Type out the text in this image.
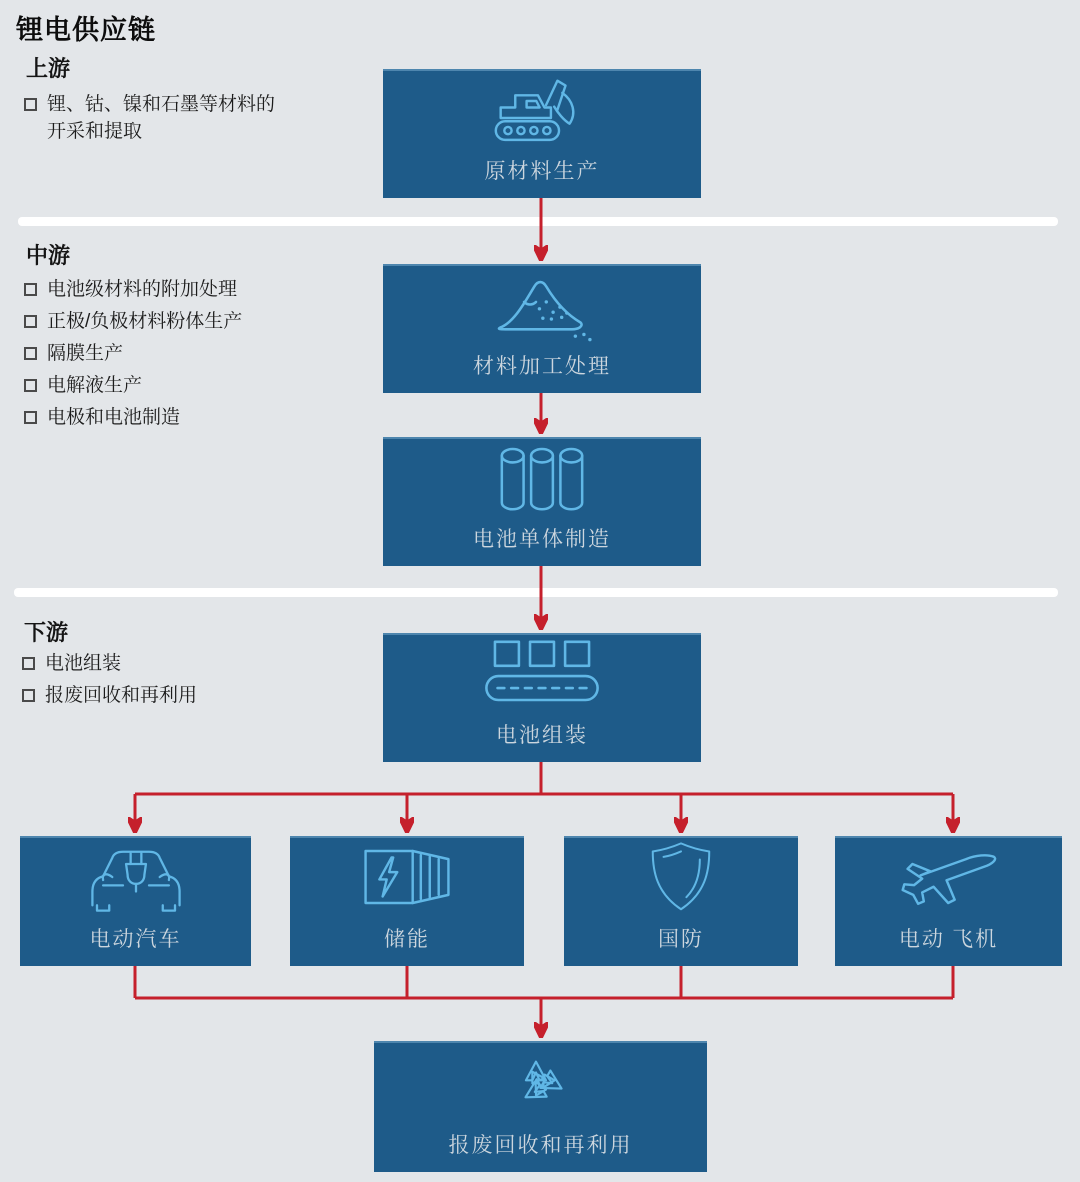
锂电供应链
上游
锂、钴、镍和石墨等材料的开采和提取
中游
电池级材料的附加处理
正极/负极材料粉体生产
隔膜生产
电解液生产
电极和电池制造
下游
电池组装
报废回收和再利用
原材料生产
材料加工处理
电池单体制造
电池组装
电动汽车	储能	国防	电动 飞机
报废回收和再利用
